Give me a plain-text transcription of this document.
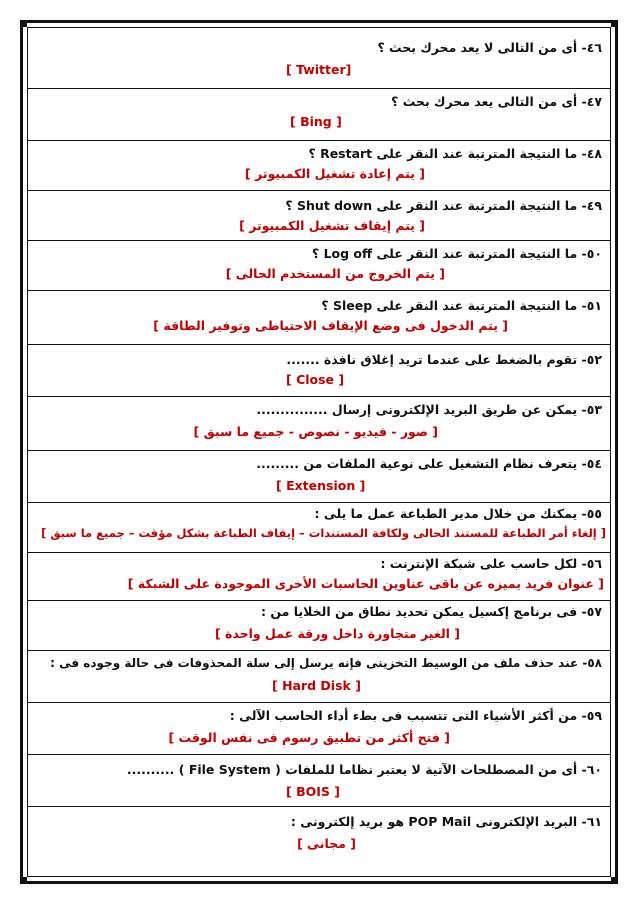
٤٦- أى من التالى لا يعد محرك بحث ؟
[ Twitter]
٤٧- أى من التالى يعد محرك بحث ؟
[ Bing ]
٤٨- ما النتيجة المترتبة عند النقر على Restart ؟
[ يتم إعادة تشغيل الكمبيوتر ]
٤٩- ما النتيجة المترتبة عند النقر على Shut down ؟
[ يتم إيقاف تشغيل الكمبيوتر ]
٥٠- ما النتيجة المترتبة عند النقر على Log off ؟
[ يتم الخروج من المستخدم الحالى ]
٥١- ما النتيجة المترتبة عند النقر على Sleep ؟
[ يتم الدخول فى وضع الإيقاف الاحتياطى وتوفير الطاقة ]
٥٢- تقوم بالضغط على عندما تريد إغلاق نافذة .......
[ Close ]
٥٣- يمكن عن طريق البريد الإلكترونى إرسال ...............
[ صور - فيديو - نصوص - جميع ما سبق ]
٥٤- يتعرف نظام التشغيل على نوعية الملفات من .........
[ Extension ]
٥٥- يمكنك من خلال مدير الطباعة عمل ما يلى :
[ إلغاء أمر الطباعة للمستند الحالى ولكافة المستندات – إيقاف الطباعة بشكل مؤقت – جميع ما سبق ]
٥٦- لكل حاسب على شبكة الإنترنت :
[ عنوان فريد يميزه عن باقى عناوين الحاسبات الأخرى الموجودة على الشبكة ]
٥٧- فى برنامج إكسيل يمكن تحديد نطاق من الخلايا من :
[ الغير متجاورة داخل ورقة عمل واحدة ]
٥٨- عند حذف ملف من الوسيط التخزينى فإنه يرسل إلى سلة المحذوفات فى حالة وجوده فى :
[ Hard Disk ]
٥٩- من أكثر الأشياء التى تتسبب فى بطء أداء الحاسب الآلى :
[ فتح أكثر من تطبيق رسوم فى نفس الوقت ]
٦٠- أى من المصطلحات الآتية لا يعتبر نظاما للملفات ( File System ) ..........
[ BOIS ]
٦١- البريد الإلكترونى POP Mail هو بريد إلكترونى :
[ مجانى ]
